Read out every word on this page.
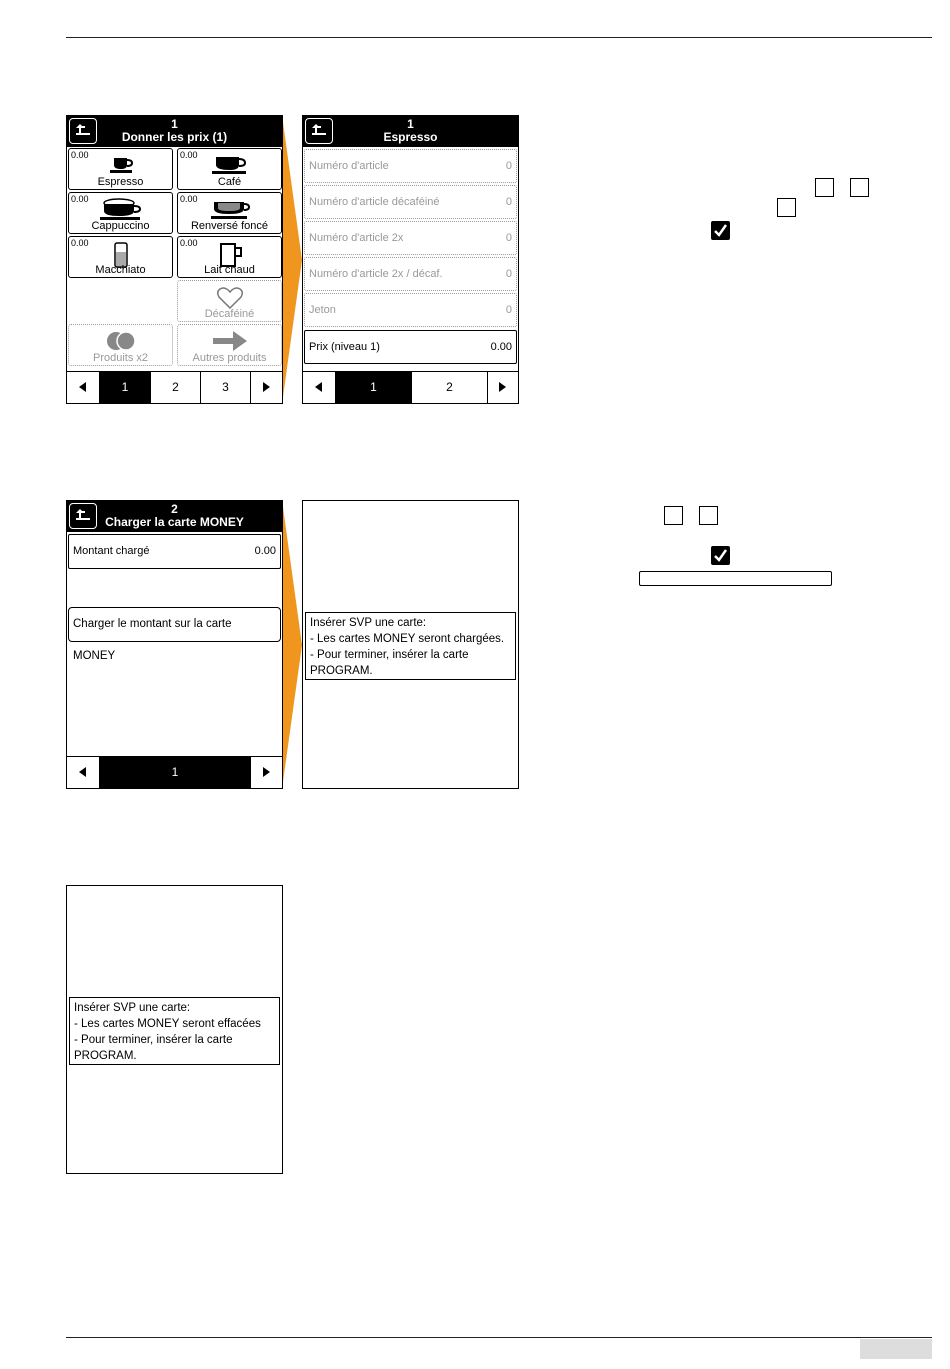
1
Donner les prix (1)
0.00
Espresso
0.00
Café
0.00
Cappuccino
0.00
Renversé foncé
0.00
Macchiato
0.00
Lait chaud
Décaféiné
Produits x2	Autres produits
1	2	3
1
Espresso
Numéro d'article	0
Numéro d'article décaféiné	0
Numéro d'article 2x	0
Numéro d'article 2x / décaf.	0
Jeton	0
Prix (niveau 1)	0.00
1	2
2
Charger la carte MONEY
Montant chargé	0.00
Charger le montant sur la carte MONEY
1
Insérer SVP une carte:
- Les cartes MONEY seront chargées.
- Pour terminer, insérer la carte
PROGRAM.
Insérer SVP une carte:
- Les cartes MONEY seront effacées
- Pour terminer, insérer la carte
PROGRAM.
